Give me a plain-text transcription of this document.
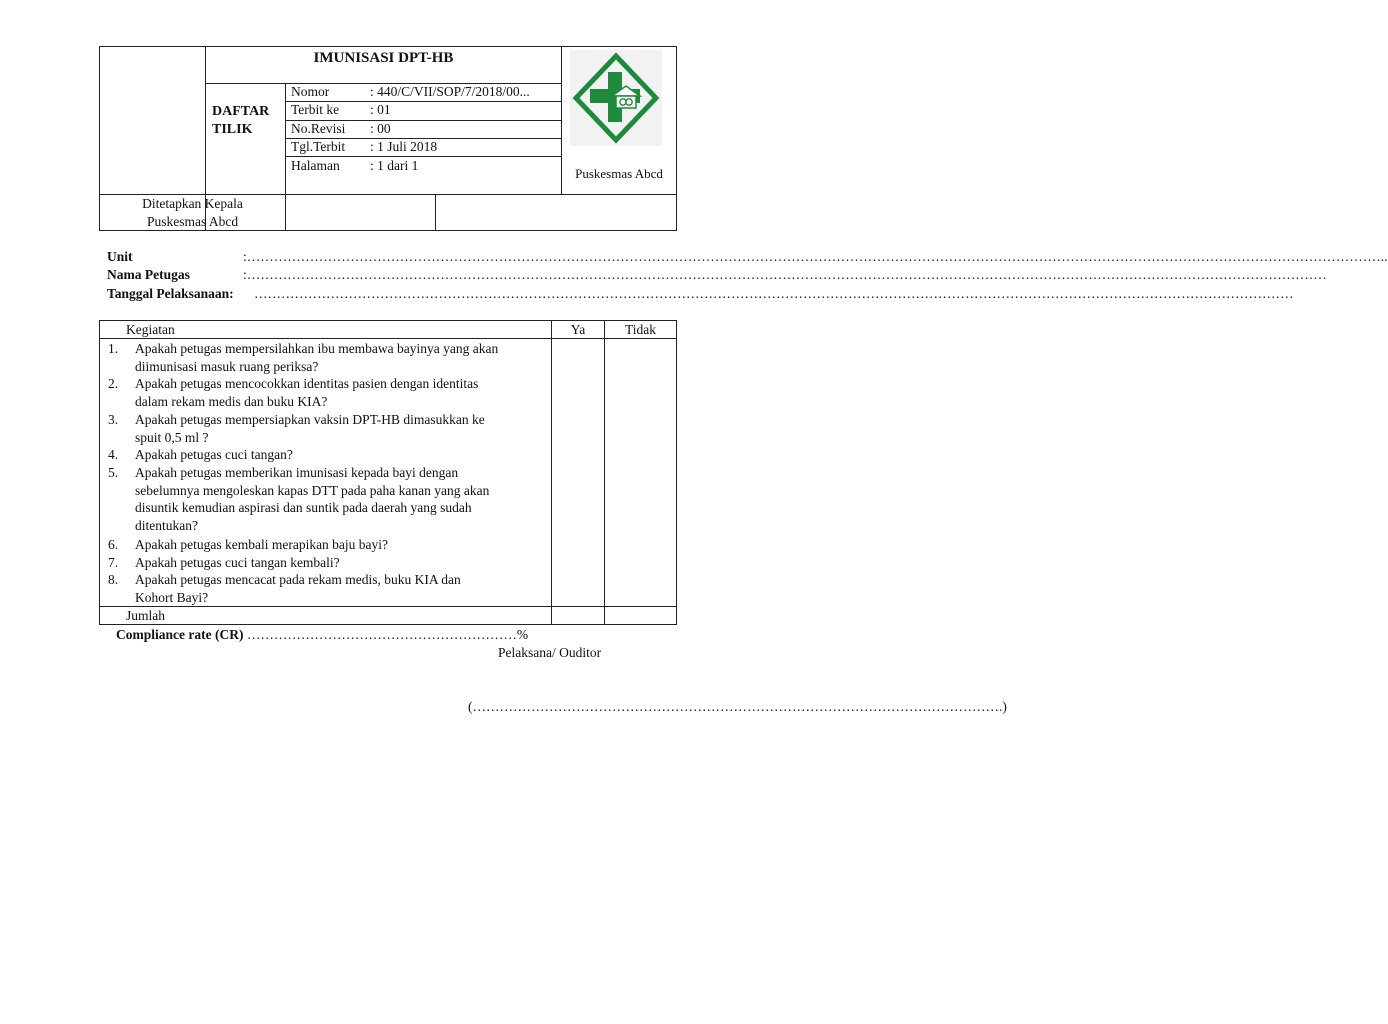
IMUNISASI DPT-HB
DAFTAR
TILIK
Nomor	: 440/C/VII/SOP/7/2018/00...
Terbit ke : 01
No.Revisi : 00
Tgl.Terbit : 1 Juli 2018
Halaman : 1 dari 1
Puskesmas Abcd
Ditetapkan Kepala
Puskesmas Abcd
Unit	:………………………………………………………………………………………………………………………………………………………………………………………………………………………………..
Nama Petugas	:……………………………………………………………………………………………………………………………………………………………………………………………………………………
Tanggal Pelaksanaan: ……………………………………………………………………………………………………………………………………………………………………………………………………………
Kegiatan	Ya	Tidak
1. Apakah petugas mempersilahkan ibu membawa bayinya yang akan
diimunisasi masuk ruang periksa?
2. Apakah petugas mencocokkan identitas pasien dengan identitas
dalam rekam medis dan buku KIA?
3. Apakah petugas mempersiapkan vaksin DPT-HB dimasukkan ke
spuit 0,5 ml ?
4. Apakah petugas cuci tangan?
5. Apakah petugas memberikan imunisasi kepada bayi dengan
sebelumnya mengoleskan kapas DTT pada paha kanan yang akan
disuntik kemudian aspirasi dan suntik pada daerah yang sudah
ditentukan?
6. Apakah petugas kembali merapikan baju bayi?
7. Apakah petugas cuci tangan kembali?
8. Apakah petugas mencacat pada rekam medis, buku KIA dan
Kohort Bayi?
Jumlah
Compliance rate (CR) ……………………………………………………%
Pelaksana/ Ouditor
(……………………………………………………………………………………………………….)
